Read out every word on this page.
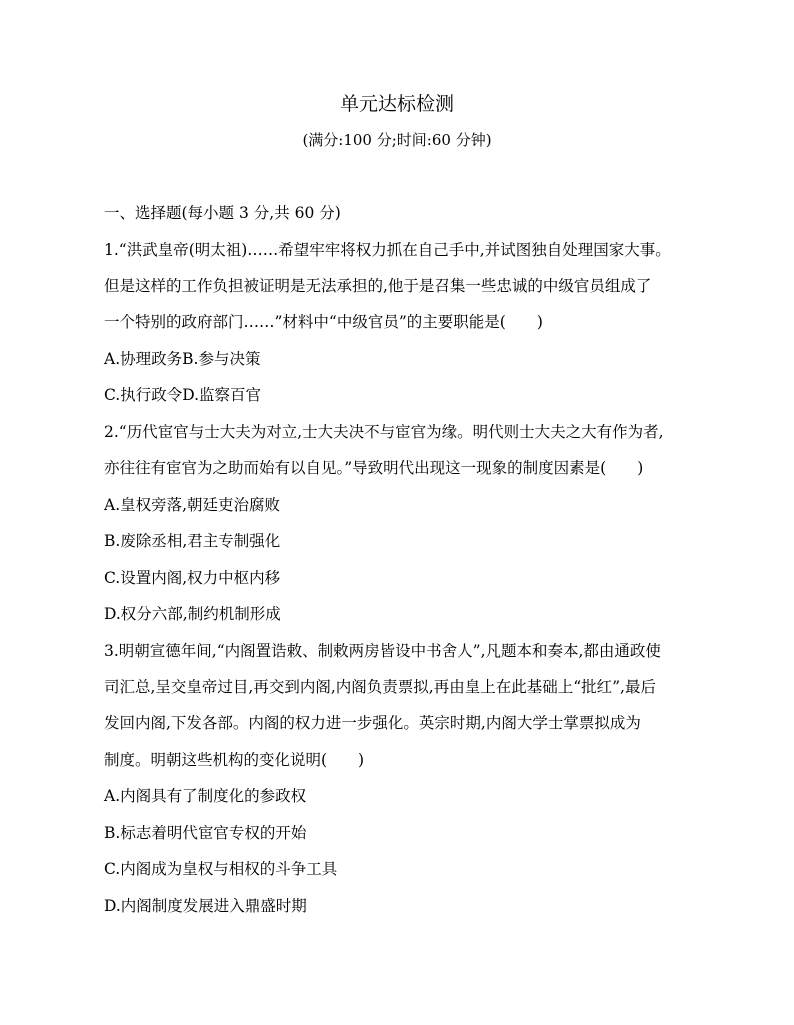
单元达标检测
(满分:100 分;时间:60 分钟)
一、选择题(每小题 3 分,共 60 分)
1.“洪武皇帝(明太祖)……希望牢牢将权力抓在自己手中,并试图独自处理国家大事。
但是这样的工作负担被证明是无法承担的,他于是召集一些忠诚的中级官员组成了
一个特别的政府部门……”材料中“中级官员”的主要职能是(　　)
A.协理政务B.参与决策
C.执行政令D.监察百官
2.“历代宦官与士大夫为对立,士大夫决不与宦官为缘。明代则士大夫之大有作为者,
亦往往有宦官为之助而始有以自见。”导致明代出现这一现象的制度因素是(　　)
A.皇权旁落,朝廷吏治腐败
B.废除丞相,君主专制强化
C.设置内阁,权力中枢内移
D.权分六部,制约机制形成
3.明朝宣德年间,“内阁置诰敕、制敕两房皆设中书舍人”,凡题本和奏本,都由通政使
司汇总,呈交皇帝过目,再交到内阁,内阁负责票拟,再由皇上在此基础上“批红”,最后
发回内阁,下发各部。内阁的权力进一步强化。英宗时期,内阁大学士掌票拟成为
制度。明朝这些机构的变化说明(　　)
A.内阁具有了制度化的参政权
B.标志着明代宦官专权的开始
C.内阁成为皇权与相权的斗争工具
D.内阁制度发展进入鼎盛时期
